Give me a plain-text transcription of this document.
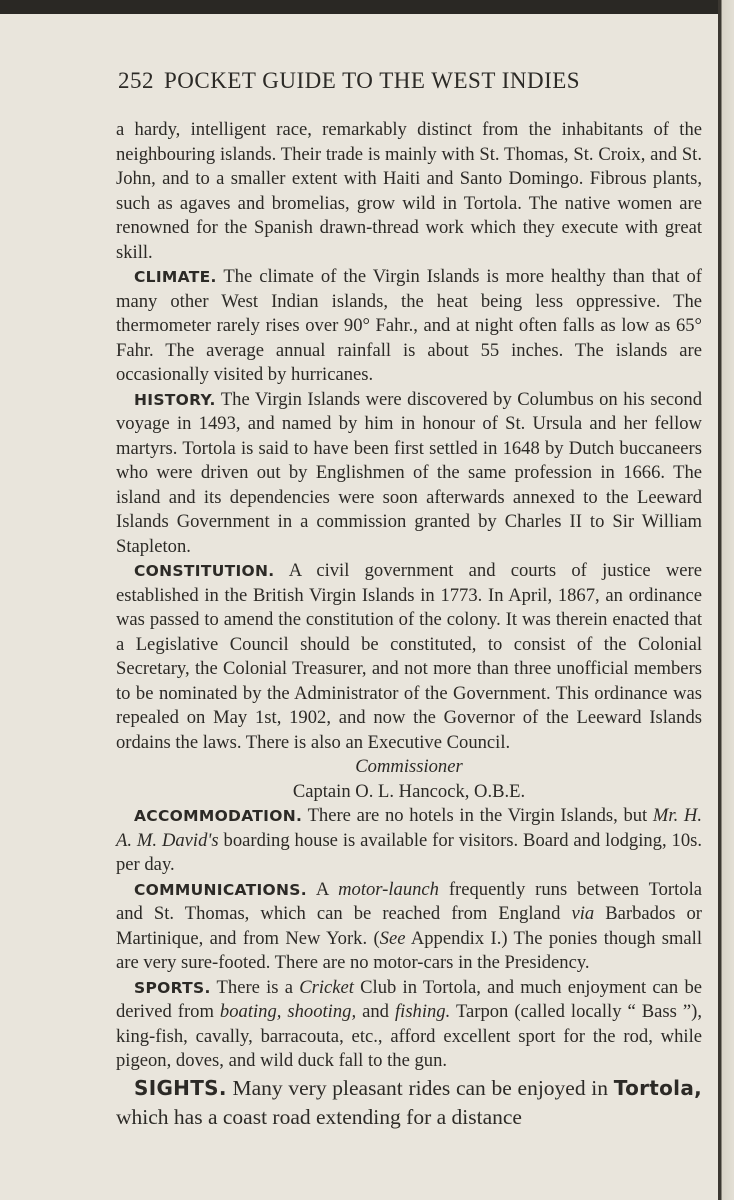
252 POCKET GUIDE TO THE WEST INDIES

a hardy, intelligent race, remarkably distinct from the inhabitants of the neighbouring islands. Their trade is mainly with St. Thomas, St. Croix, and St. John, and to a smaller extent with Haiti and Santo Domingo. Fibrous plants, such as agaves and bromelias, grow wild in Tortola. The native women are renowned for the Spanish drawn-thread work which they execute with great skill.

CLIMATE. The climate of the Virgin Islands is more healthy than that of many other West Indian islands, the heat being less oppressive. The thermometer rarely rises over 90° Fahr., and at night often falls as low as 65° Fahr. The average annual rainfall is about 55 inches. The islands are occasionally visited by hurricanes.

HISTORY. The Virgin Islands were discovered by Columbus on his second voyage in 1493, and named by him in honour of St. Ursula and her fellow martyrs. Tortola is said to have been first settled in 1648 by Dutch buccaneers who were driven out by Englishmen of the same profession in 1666. The island and its dependencies were soon afterwards annexed to the Leeward Islands Government in a commission granted by Charles II to Sir William Stapleton.

CONSTITUTION. A civil government and courts of justice were established in the British Virgin Islands in 1773. In April, 1867, an ordinance was passed to amend the constitution of the colony. It was therein enacted that a Legislative Council should be constituted, to consist of the Colonial Secretary, the Colonial Treasurer, and not more than three unofficial members to be nominated by the Administrator of the Government. This ordinance was repealed on May 1st, 1902, and now the Governor of the Leeward Islands ordains the laws. There is also an Executive Council.

Commissioner

Captain O. L. Hancock, O.B.E.

ACCOMMODATION. There are no hotels in the Virgin Islands, but Mr. H. A. M. David's boarding house is available for visitors. Board and lodging, 10s. per day.

COMMUNICATIONS. A motor-launch frequently runs between Tortola and St. Thomas, which can be reached from England via Barbados or Martinique, and from New York. (See Appendix I.) The ponies though small are very sure-footed. There are no motor-cars in the Presidency.

SPORTS. There is a Cricket Club in Tortola, and much enjoyment can be derived from boating, shooting, and fishing. Tarpon (called locally “ Bass ”), king-fish, cavally, barracouta, etc., afford excellent sport for the rod, while pigeon, doves, and wild duck fall to the gun.

SIGHTS. Many very pleasant rides can be enjoyed in Tortola, which has a coast road extending for a distance
